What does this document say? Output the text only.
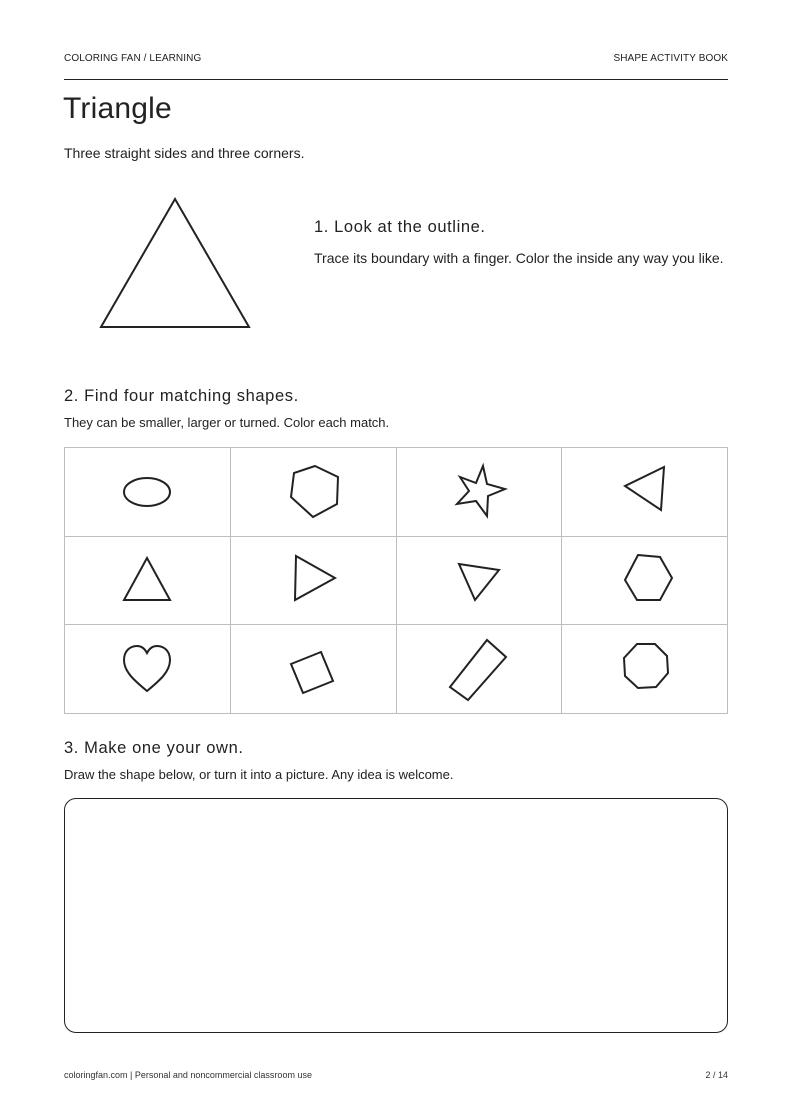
COLORING FAN / LEARNING	SHAPE ACTIVITY BOOK
Triangle
Three straight sides and three corners.
1. Look at the outline.
Trace its boundary with a finger. Color the inside any way you like.
2. Find four matching shapes.
They can be smaller, larger or turned. Color each match.
3. Make one your own.
Draw the shape below, or turn it into a picture. Any idea is welcome.
coloringfan.com | Personal and noncommercial classroom use	2 / 14
